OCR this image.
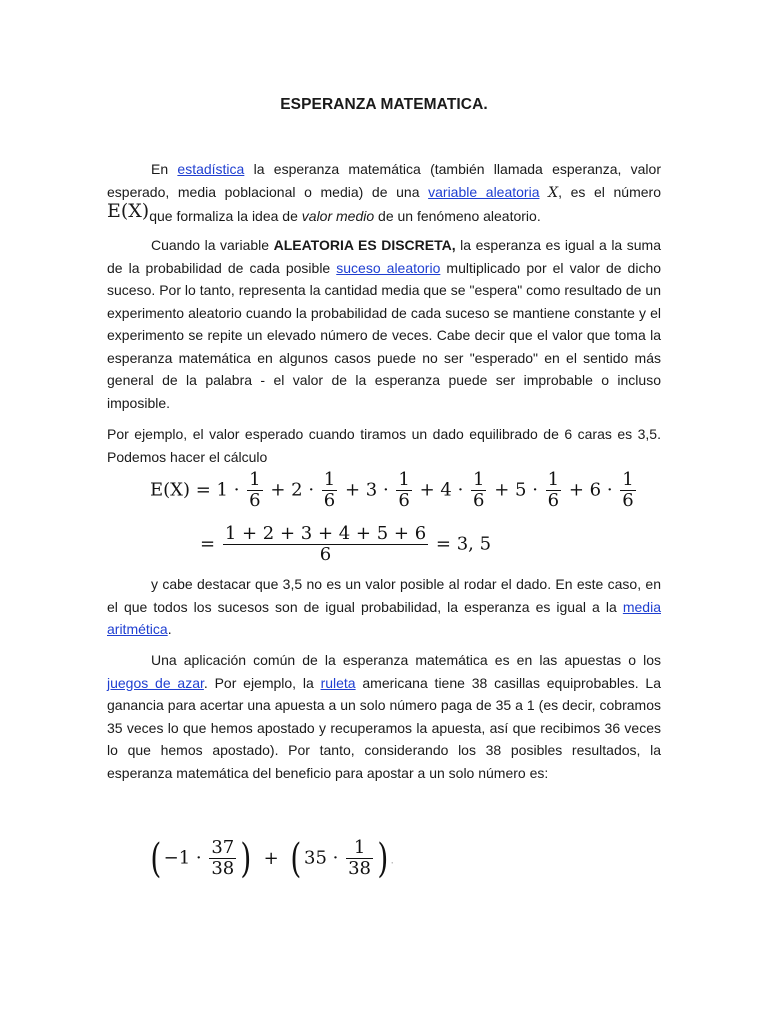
ESPERANZA MATEMATICA.

En estadística la esperanza matemática (también llamada esperanza, valor esperado, media poblacional o media) de una variable aleatoria X, es el número E(X)que formaliza la idea de valor medio de un fenómeno aleatorio.

Cuando la variable ALEATORIA ES DISCRETA, la esperanza es igual a la suma de la probabilidad de cada posible suceso aleatorio multiplicado por el valor de dicho suceso. Por lo tanto, representa la cantidad media que se "espera" como resultado de un experimento aleatorio cuando la probabilidad de cada suceso se mantiene constante y el experimento se repite un elevado número de veces. Cabe decir que el valor que toma la esperanza matemática en algunos casos puede no ser "esperado" en el sentido más general de la palabra - el valor de la esperanza puede ser improbable o incluso imposible.

Por ejemplo, el valor esperado cuando tiramos un dado equilibrado de 6 caras es 3,5. Podemos hacer el cálculo

$E(X) = 1 \cdot \frac{1}{6} + 2 \cdot \frac{1}{6} + 3 \cdot \frac{1}{6} + 4 \cdot \frac{1}{6} + 5 \cdot \frac{1}{6} + 6 \cdot \frac{1}{6}$
= $\frac{1 + 2 + 3 + 4 + 5 + 6}{6} = 3$, 5

y cabe destacar que 3,5 no es un valor posible al rodar el dado. En este caso, en el que todos los sucesos son de igual probabilidad, la esperanza es igual a la media aritmética.

Una aplicación común de la esperanza matemática es en las apuestas o los juegos de azar. Por ejemplo, la ruleta americana tiene 38 casillas equiprobables. La ganancia para acertar una apuesta a un solo número paga de 35 a 1 (es decir, cobramos 35 veces lo que hemos apostado y recuperamos la apuesta, así que recibimos 36 veces lo que hemos apostado). Por tanto, considerando los 38 posibles resultados, la esperanza matemática del beneficio para apostar a un solo número es:

( $-1 \cdot \frac{37}{38}$ ) + ( $35 \cdot \frac{1}{38}$ ) .
